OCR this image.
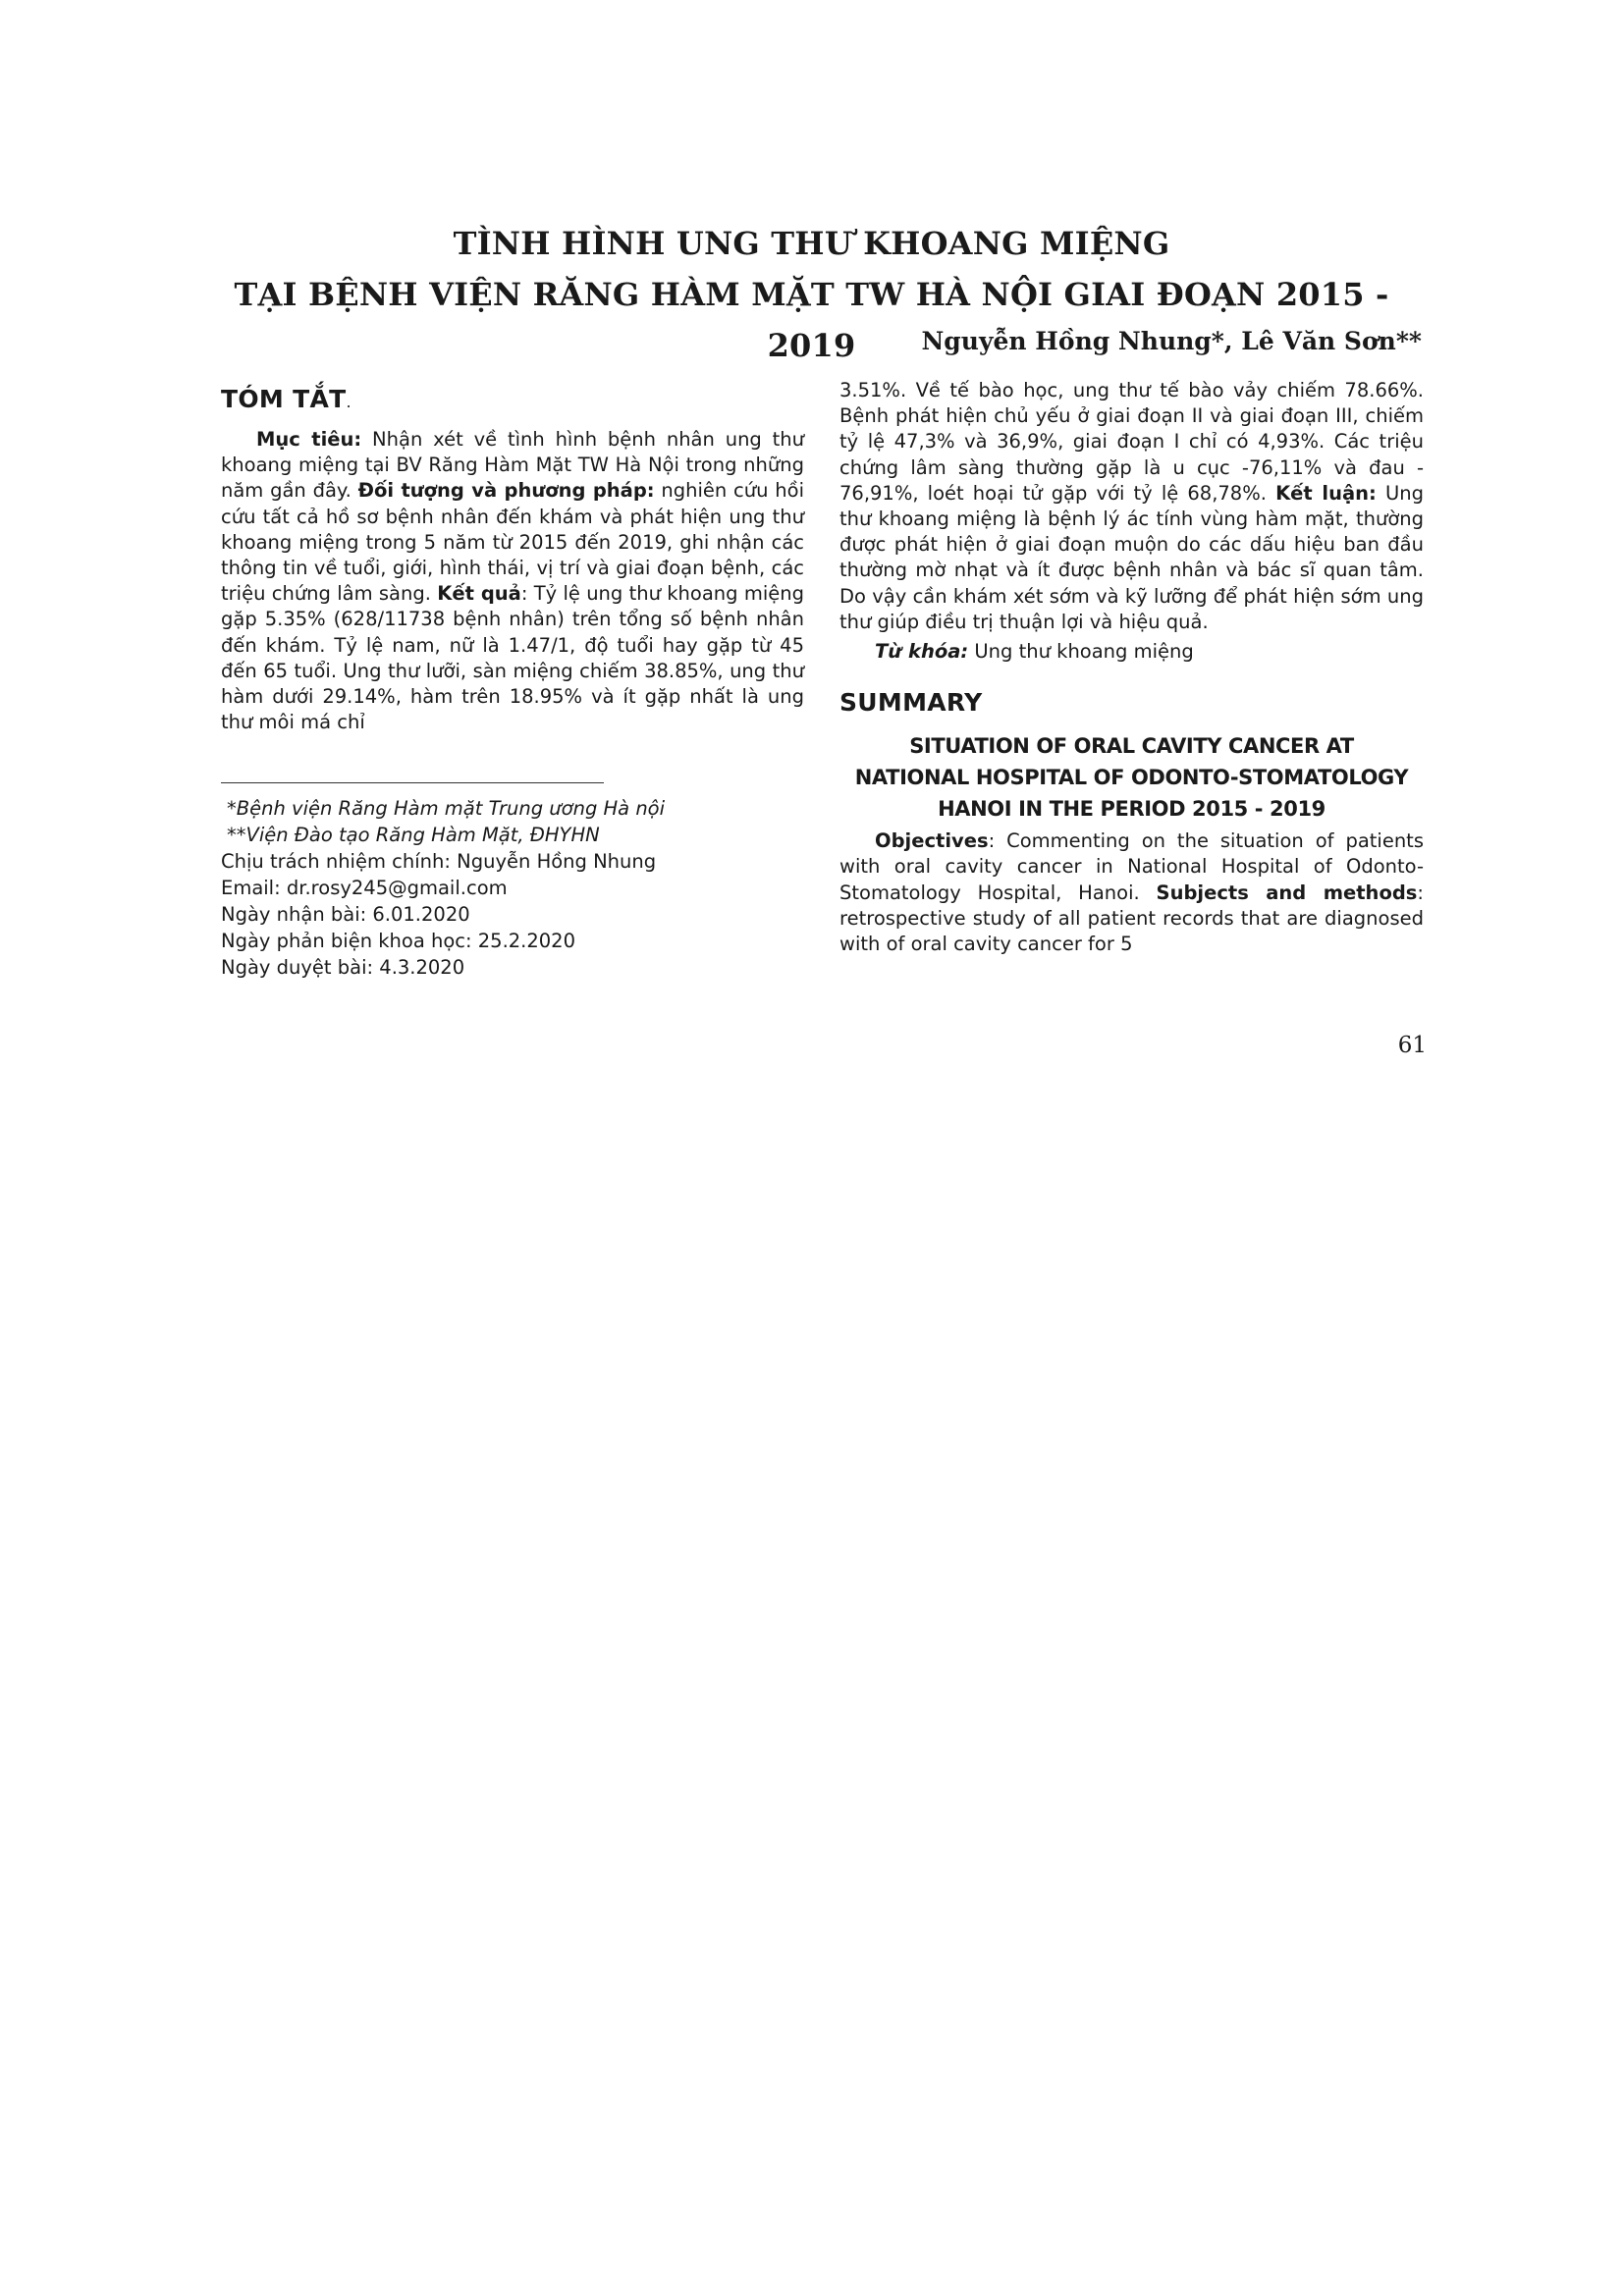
TÌNH HÌNH UNG THƯ KHOANG MIỆNG
TẠI BỆNH VIỆN RĂNG HÀM MẶT TW HÀ NỘI GIAI ĐOẠN 2015 - 2019	Nguyễn Hồng Nhung*, Lê Văn Sơn**
TÓM TẮT.

Mục tiêu: Nhận xét về tình hình bệnh nhân ung thư khoang miệng tại BV Răng Hàm Mặt TW Hà Nội trong những năm gần đây. Đối tượng và phương pháp: nghiên cứu hồi cứu tất cả hồ sơ bệnh nhân đến khám và phát hiện ung thư khoang miệng trong 5 năm từ 2015 đến 2019, ghi nhận các thông tin về tuổi, giới, hình thái, vị trí và giai đoạn bệnh, các triệu chứng lâm sàng. Kết quả: Tỷ lệ ung thư khoang miệng gặp 5.35% (628/11738 bệnh nhân) trên tổng số bệnh nhân đến khám. Tỷ lệ nam, nữ là 1.47/1, độ tuổi hay gặp từ 45 đến 65 tuổi. Ung thư lưỡi, sàn miệng chiếm 38.85%, ung thư hàm dưới 29.14%, hàm trên 18.95% và ít gặp nhất là ung thư môi má chỉ

*Bệnh viện Răng Hàm mặt Trung ương Hà nội
**Viện Đào tạo Răng Hàm Mặt, ĐHYHN
Chịu trách nhiệm chính: Nguyễn Hồng Nhung
Email: dr.rosy245@gmail.com
Ngày nhận bài: 6.01.2020
Ngày phản biện khoa học: 25.2.2020
Ngày duyệt bài: 4.3.2020

3.51%. Về tế bào học, ung thư tế bào vảy chiếm 78.66%. Bệnh phát hiện chủ yếu ở giai đoạn II và giai đoạn III, chiếm tỷ lệ 47,3% và 36,9%, giai đoạn I chỉ có 4,93%. Các triệu chứng lâm sàng thường gặp là u cục -76,11% và đau - 76,91%, loét hoại tử gặp với tỷ lệ 68,78%. Kết luận: Ung thư khoang miệng là bệnh lý ác tính vùng hàm mặt, thường được phát hiện ở giai đoạn muộn do các dấu hiệu ban đầu thường mờ nhạt và ít được bệnh nhân và bác sĩ quan tâm. Do vậy cần khám xét sớm và kỹ lưỡng để phát hiện sớm ung thư giúp điều trị thuận lợi và hiệu quả.

Từ khóa: Ung thư khoang miệng

SUMMARY
SITUATION OF ORAL CAVITY CANCER AT
NATIONAL HOSPITAL OF ODONTO-STOMATOLOGY
HANOI IN THE PERIOD 2015 - 2019

Objectives: Commenting on the situation of patients with oral cavity cancer in National Hospital of Odonto-Stomatology Hospital, Hanoi. Subjects and methods: retrospective study of all patient records that are diagnosed with of oral cavity cancer for 5

61
